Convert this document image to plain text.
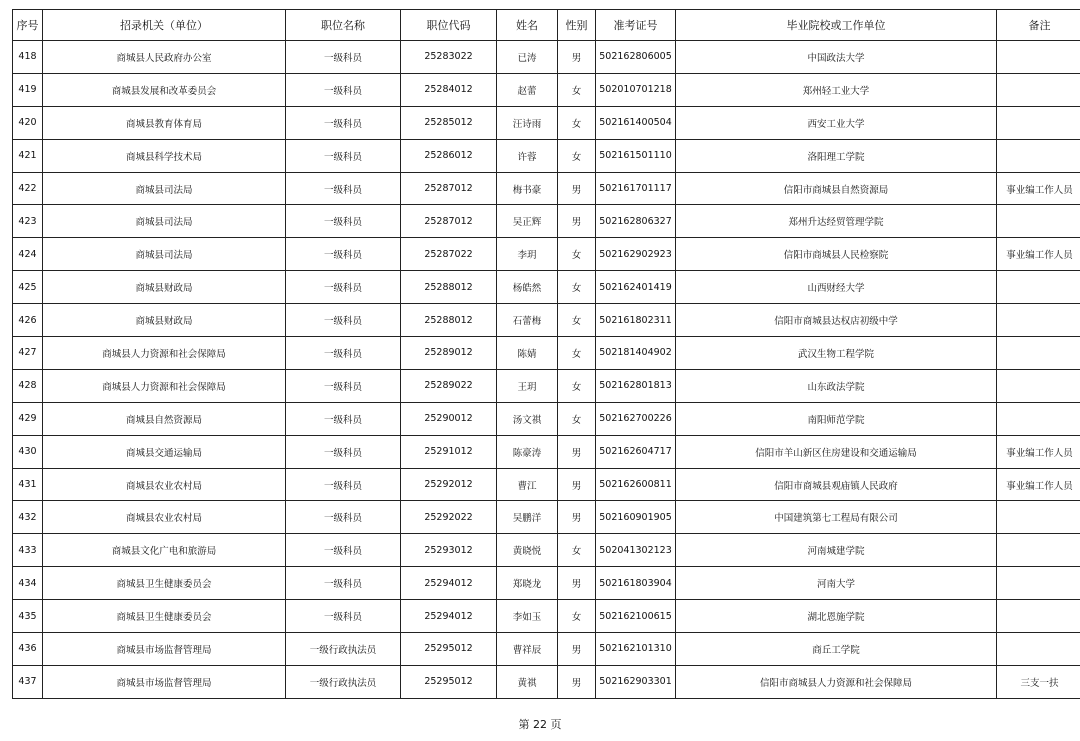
序号	招录机关（单位）	职位名称	职位代码	姓名	性别	准考证号	毕业院校或工作单位	备注
418	商城县人民政府办公室	一级科员	25283022	已涛	男	502162806005	中国政法大学	
419	商城县发展和改革委员会	一级科员	25284012	赵蕾	女	502010701218	郑州轻工业大学	
420	商城县教育体育局	一级科员	25285012	汪诗雨	女	502161400504	西安工业大学	
421	商城县科学技术局	一级科员	25286012	许蓉	女	502161501110	洛阳理工学院	
422	商城县司法局	一级科员	25287012	梅书豪	男	502161701117	信阳市商城县自然资源局	事业编工作人员
423	商城县司法局	一级科员	25287012	吴正辉	男	502162806327	郑州升达经贸管理学院	
424	商城县司法局	一级科员	25287022	李玥	女	502162902923	信阳市商城县人民检察院	事业编工作人员
425	商城县财政局	一级科员	25288012	杨皓然	女	502162401419	山西财经大学	
426	商城县财政局	一级科员	25288012	石蕾梅	女	502161802311	信阳市商城县达权店初级中学	
427	商城县人力资源和社会保障局	一级科员	25289012	陈婧	女	502181404902	武汉生物工程学院	
428	商城县人力资源和社会保障局	一级科员	25289022	王玥	女	502162801813	山东政法学院	
429	商城县自然资源局	一级科员	25290012	汤文祺	女	502162700226	南阳师范学院	
430	商城县交通运输局	一级科员	25291012	陈豪涛	男	502162604717	信阳市羊山新区住房建设和交通运输局	事业编工作人员
431	商城县农业农村局	一级科员	25292012	曹江	男	502162600811	信阳市商城县观庙镇人民政府	事业编工作人员
432	商城县农业农村局	一级科员	25292022	吴鹏洋	男	502160901905	中国建筑第七工程局有限公司	
433	商城县文化广电和旅游局	一级科员	25293012	黄晓悦	女	502041302123	河南城建学院	
434	商城县卫生健康委员会	一级科员	25294012	郑晓龙	男	502161803904	河南大学	
435	商城县卫生健康委员会	一级科员	25294012	李如玉	女	502162100615	湖北恩施学院	
436	商城县市场监督管理局	一级行政执法员	25295012	曹祥辰	男	502162101310	商丘工学院	
437	商城县市场监督管理局	一级行政执法员	25295012	黄祺	男	502162903301	信阳市商城县人力资源和社会保障局	三支一扶
第 22 页
